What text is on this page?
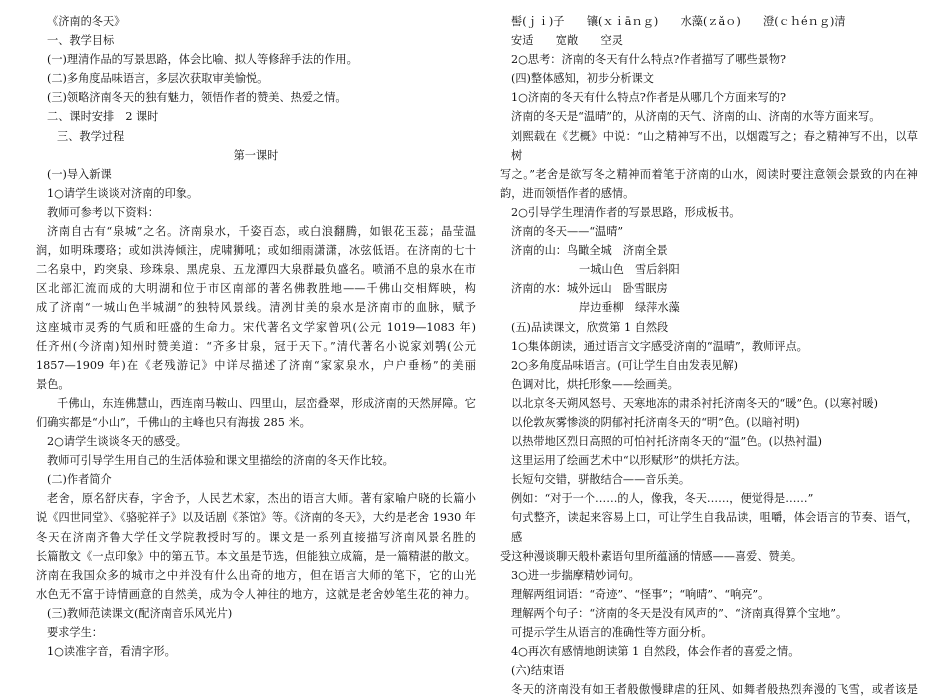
《济南的冬天》
一、教学目标
(一)理清作品的写景思路，体会比喻、拟人等修辞手法的作用。
(二)多角度品味语言，多层次获取审美愉悦。
(三)领略济南冬天的独有魅力，领悟作者的赞美、热爱之情。
二、课时安排　2 课时
三、教学过程
第一课时
(一)导入新课
1○请学生谈谈对济南的印象。
教师可参考以下资料：
济南自古有“泉城”之名。济南泉水，千姿百态，或白浪翻腾，如银花玉蕊；晶莹温
润，如明珠璎珞；或如洪涛倾注，虎啸狮吼；或如细雨潇潇，冰弦低语。在济南的七十
二名泉中，趵突泉、珍珠泉、黑虎泉、五龙潭四大泉群最负盛名。喷涌不息的泉水在市
区北部汇流而成的大明湖和位于市区南部的著名佛教胜地——千佛山交相辉映，构
成了济南“一城山色半城湖”的独特风景线。清冽甘美的泉水是济南市的血脉，赋予
这座城市灵秀的气质和旺盛的生命力。宋代著名文学家曾巩(公元 1019—1083 年)
任齐州(今济南)知州时赞美道：“齐多甘泉，冠于天下。”清代著名小说家刘鹗(公元
1857—1909 年)在《老残游记》中详尽描述了济南“家家泉水，户户垂杨”的美丽
景色。
千佛山，东连佛慧山，西连南马鞍山、四里山，层峦叠翠，形成济南的天然屏障。它
们确实都是“小山”，千佛山的主峰也只有海拔 285 米。
2○请学生谈谈冬天的感受。
教师可引导学生用自己的生活体验和课文里描绘的济南的冬天作比较。
(二)作者简介
老舍，原名舒庆春，字舍予，人民艺术家，杰出的语言大师。著有家喻户晓的长篇小
说《四世同堂》、《骆驼祥子》以及话剧《茶馆》等。《济南的冬天》，大约是老舍 1930 年
冬天在济南齐鲁大学任文学院教授时写的。课文是一系列直接描写济南风景名胜的
长篇散文《一点印象》中的第五节。本文虽是节选，但能独立成篇，是一篇精湛的散文。
济南在我国众多的城市之中并没有什么出奇的地方，但在语言大师的笔下，它的山光
水色无不富于诗情画意的自然美，成为令人神往的地方，这就是老舍妙笔生花的神力。
(三)教师范读课文(配济南音乐风光片)
要求学生：
1○读准字音，看清字形。
髻(ｊｉ)子　　镶(ｘｉāｎｇ)　　水藻(ｚǎｏ)　　澄(ｃｈéｎｇ)清
安适　　宽敞　　空灵
2○思考：济南的冬天有什么特点?作者描写了哪些景物?
(四)整体感知，初步分析课文
1○济南的冬天有什么特点?作者是从哪几个方面来写的?
济南的冬天是“温晴”的，从济南的天气、济南的山、济南的水等方面来写。
刘熙载在《艺概》中说：“山之精神写不出，以烟霞写之；春之精神写不出，以草树
写之。”老舍是欲写冬之精神而着笔于济南的山水，阅读时要注意领会景致的内在神
韵，进而领悟作者的感情。
2○引导学生理清作者的写景思路，形成板书。
济南的冬天——“温晴”
济南的山：鸟瞰全城　济南全景
一城山色　雪后斜阳
济南的水：城外远山　卧雪眠房
岸边垂柳　绿萍水藻
(五)品读课文，欣赏第 1 自然段
1○集体朗读，通过语言文字感受济南的“温晴”，教师评点。
2○多角度品味语言。(可让学生自由发表见解)
色调对比，烘托形象——绘画美。
以北京冬天朔风怒号、天寒地冻的肃杀衬托济南冬天的“暖”色。(以寒衬暖)
以伦敦灰雾惨淡的阴郁衬托济南冬天的“明”色。(以暗衬明)
以热带地区烈日高照的可怕衬托济南冬天的“温”色。(以热衬温)
这里运用了绘画艺术中“以形赋形”的烘托方法。
长短句交错，骈散结合——音乐美。
例如：“对于一个……的人，像我，冬天……，便觉得是……”
句式整齐，读起来容易上口，可让学生自我品读，咀嚼，体会语言的节奏、语气，感
受这种漫谈聊天般朴素语句里所蕴涵的情感——喜爱、赞美。
3○进一步揣摩精妙词句。
理解两组词语：“奇迹”、“怪事”；“响晴”、“响亮”。
理解两个句子：“济南的冬天是没有风声的”、“济南真得算个宝地”。
可提示学生从语言的准确性等方面分析。
4○再次有感情地朗读第 1 自然段，体会作者的喜爱之情。
(六)结束语
冬天的济南没有如王者般傲慢肆虐的狂风、如舞者般热烈奔漫的飞雪，或者该是
